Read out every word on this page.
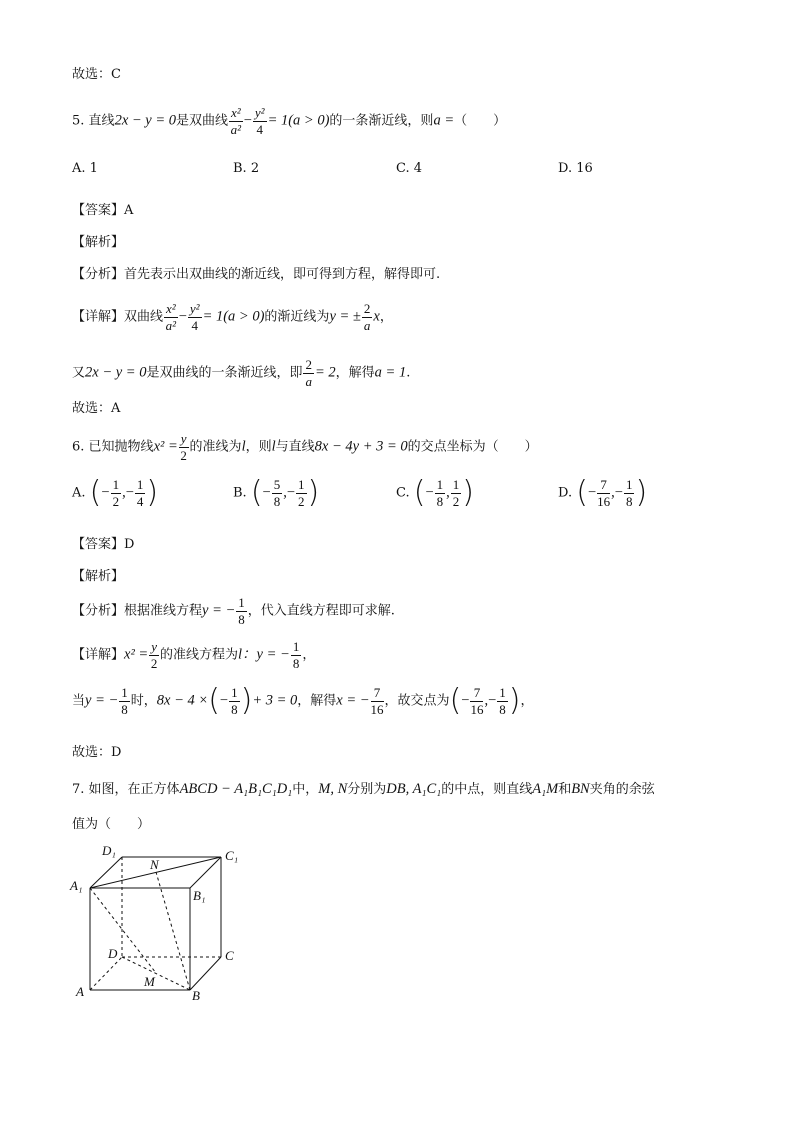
故选：C
5. 直线2x − y = 0是双曲线 $\frac{\text{x²}}{\text{a²}} - \frac{\text{y²}}{4} = 1(a > 0)$的一条渐近线，则a =（　　）
A. 1	B. 2	C. 4	D. 16
【答案】A
【解析】
【分析】首先表示出双曲线的渐近线，即可得到方程，解得即可.
【详解】双曲线 $\frac{\text{x²}}{\text{a²}} - \frac{\text{y²}}{4} = 1(a > 0)$的渐近线为y = ± $\frac{2}{a}$ x，
又2x − y = 0是双曲线的一条渐近线，即 $\frac{2}{a} = 2$，解得a = 1.
故选：A
6. 已知抛物线$x^2 = \frac{y}{2}$ 的准线为l，则l与直线8x − 4y + 3 = 0的交点坐标为（　　）
A. (− $\frac{1}{2}$ ,− $\frac{1}{4}$ )	B. (− $\frac{5}{8}$ ,− $\frac{1}{2}$ )	C. (− $\frac{1}{8}$ , $\frac{1}{2}$ )	D. (− $\frac{7}{16}$ ,− $\frac{1}{8}$ )
【答案】D
【解析】
【分析】根据准线方程y = − $\frac{1}{8}$ ，代入直线方程即可求解.
【详解】$x^2 = \frac{y}{2}$ 的准线方程为l：y = − $\frac{1}{8}$ ，
当y = − $\frac{1}{8}$ 时，8x − 4 ×(− $\frac{1}{8}$ )+ 3 = 0，解得x = − $\frac{7}{16}$ ，故交点为(− $\frac{7}{16}$ ,− $\frac{1}{8}$ )，
故选：D
7. 如图，在正方体ABCD − A₁B₁C₁D₁中，M, N分别为DB, A₁C₁的中点，则直线A₁M和BN夹角的余弦
值为（　　）
D₁	C₁
N
A₁
B₁
D	C
M
A	B
